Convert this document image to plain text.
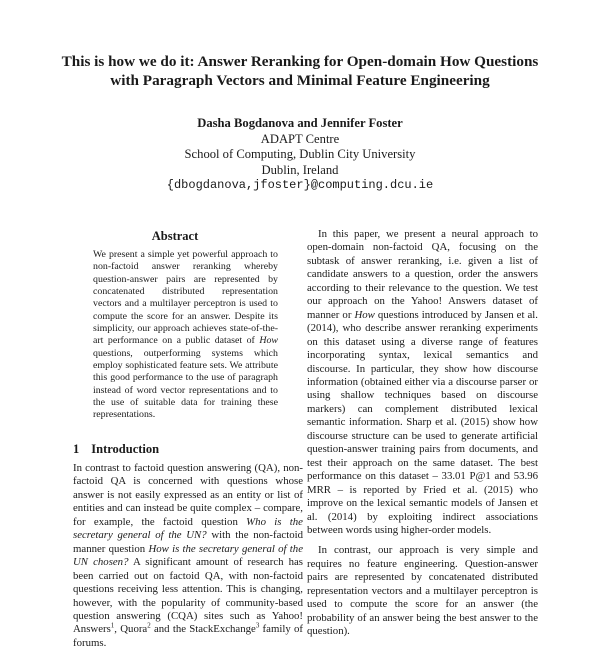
This is how we do it: Answer Reranking for Open-domain How Questions
with Paragraph Vectors and Minimal Feature Engineering
Dasha Bogdanova and Jennifer Foster
ADAPT Centre
School of Computing, Dublin City University
Dublin, Ireland
{dbogdanova,jfoster}@computing.dcu.ie
Abstract
We present a simple yet powerful approach to non-factoid answer reranking whereby question-answer pairs are represented by concatenated distributed representation vectors and a multilayer perceptron is used to compute the score for an answer. Despite its simplicity, our approach achieves state-of-the-art performance on a public dataset of How questions, outperforming systems which employ sophisticated feature sets. We attribute this good performance to the use of paragraph instead of word vector representations and to the use of suitable data for training these representations.
1 Introduction
In contrast to factoid question answering (QA), non-factoid QA is concerned with questions whose answer is not easily expressed as an entity or list of entities and can instead be quite complex – compare, for example, the factoid question Who is the secretary general of the UN? with the non-factoid manner question How is the secretary general of the UN chosen? A significant amount of research has been carried out on factoid QA, with non-factoid questions receiving less attention. This is changing, however, with the popularity of community-based question answering (CQA) sites such as Yahoo! Answers$^1$, Quora$^2$ and the StackExchange$^3$ family of forums.

In this paper, we present a neural approach to open-domain non-factoid QA, focusing on the subtask of answer reranking, i.e. given a list of candidate answers to a question, order the answers according to their relevance to the question. We test our approach on the Yahoo! Answers dataset of manner or How questions introduced by Jansen et al. (2014), who describe answer reranking experiments on this dataset using a diverse range of features incorporating syntax, lexical semantics and discourse. In particular, they show how discourse information (obtained either via a discourse parser or using shallow techniques based on discourse markers) can complement distributed lexical semantic information. Sharp et al. (2015) show how discourse structure can be used to generate artificial question-answer training pairs from documents, and test their approach on the same dataset. The best performance on this dataset – 33.01 P@1 and 53.96 MRR – is reported by Fried et al. (2015) who improve on the lexical semantic models of Jansen et al. (2014) by exploiting indirect associations between words using higher-order models.

In contrast, our approach is very simple and requires no feature engineering. Question-answer pairs are represented by concatenated distributed representation vectors and a multilayer perceptron is used to compute the score for an answer (the probability of an answer being the best answer to the question).
